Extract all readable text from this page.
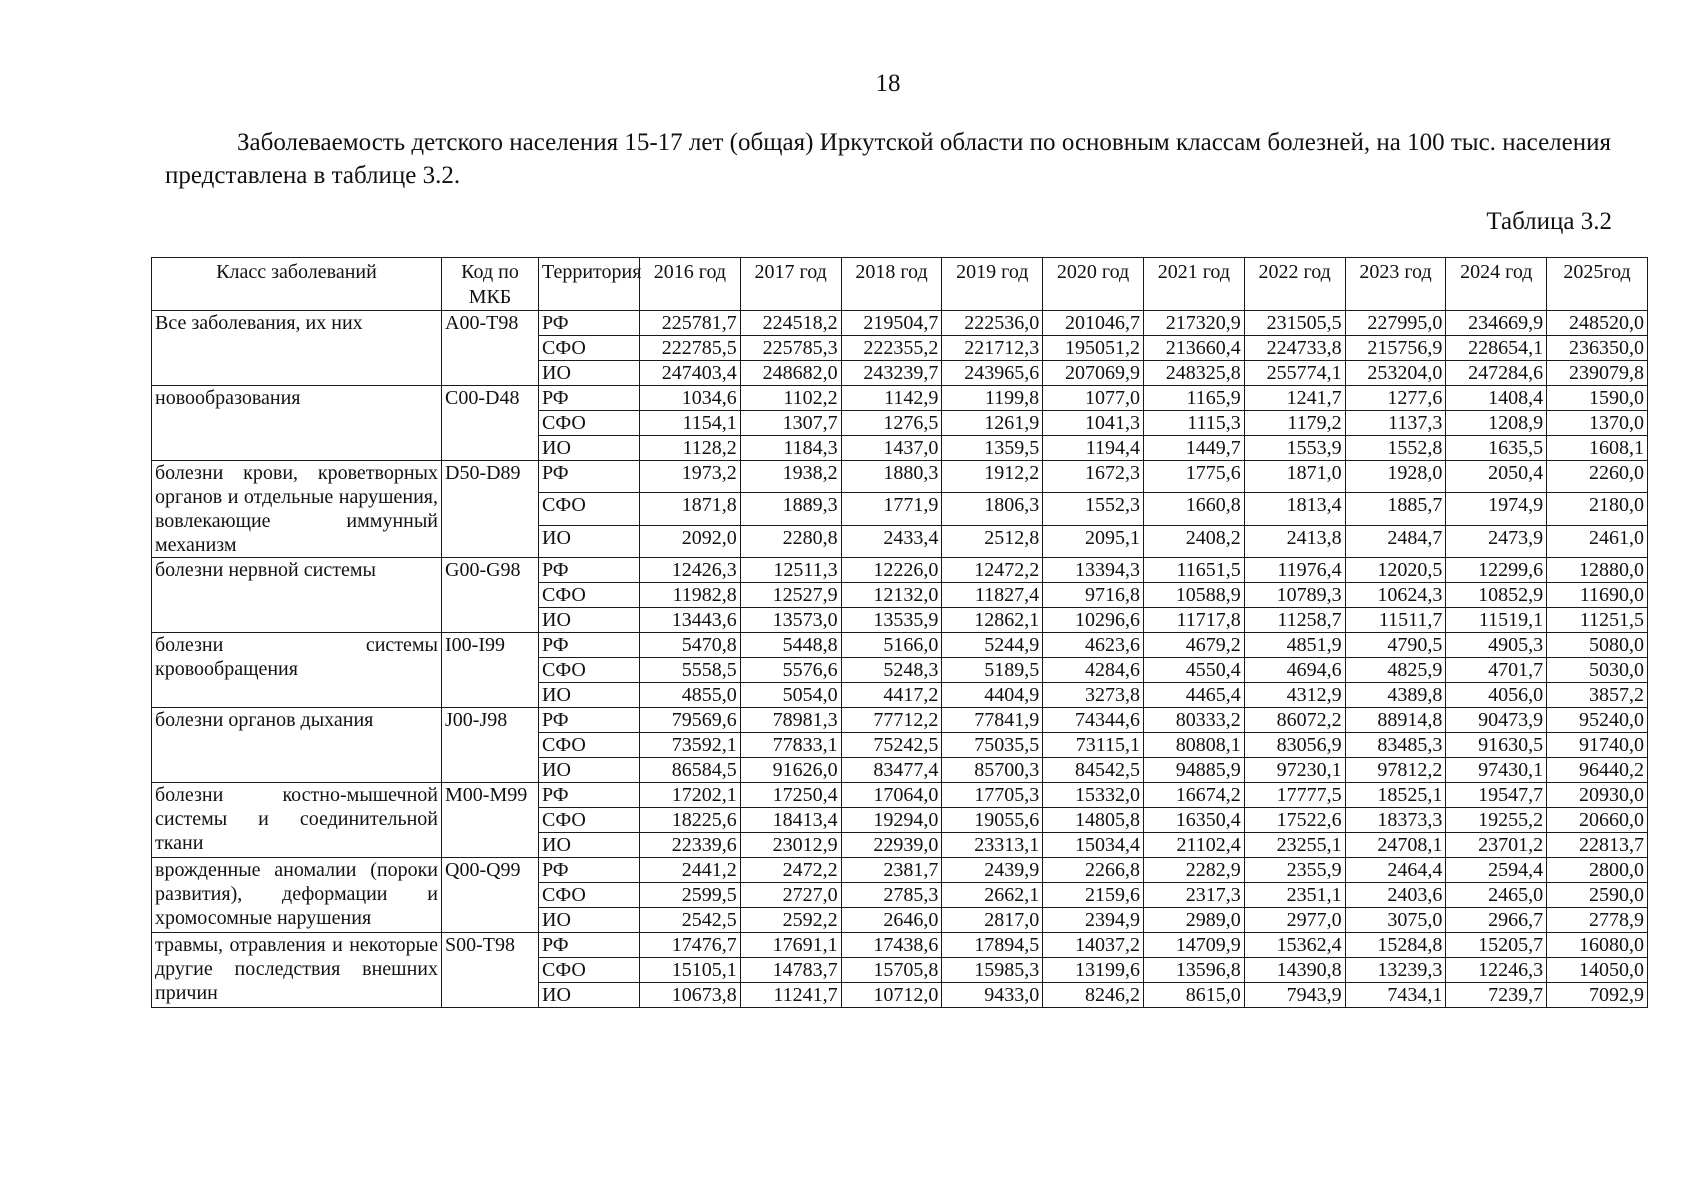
18

Заболеваемость детского населения 15-17 лет (общая) Иркутской области по основным классам болезней, на 100 тыс. населения представлена в таблице 3.2.

Таблица 3.2
Класс заболеваний	Код по МКБ	Территория	2016 год	2017 год	2018 год	2019 год	2020 год	2021 год	2022 год	2023 год	2024 год	2025год
Все заболевания, их них	A00-T98	РФ	225781,7	224518,2	219504,7	222536,0	201046,7	217320,9	231505,5	227995,0	234669,9	248520,0
		СФО	222785,5	225785,3	222355,2	221712,3	195051,2	213660,4	224733,8	215756,9	228654,1	236350,0
		ИО	247403,4	248682,0	243239,7	243965,6	207069,9	248325,8	255774,1	253204,0	247284,6	239079,8
новообразования	C00-D48	РФ	1034,6	1102,2	1142,9	1199,8	1077,0	1165,9	1241,7	1277,6	1408,4	1590,0
		СФО	1154,1	1307,7	1276,5	1261,9	1041,3	1115,3	1179,2	1137,3	1208,9	1370,0
		ИО	1128,2	1184,3	1437,0	1359,5	1194,4	1449,7	1553,9	1552,8	1635,5	1608,1
болезни крови, кроветворных органов и отдельные нарушения, вовлекающие иммунный механизм	D50-D89	РФ	1973,2	1938,2	1880,3	1912,2	1672,3	1775,6	1871,0	1928,0	2050,4	2260,0
		СФО	1871,8	1889,3	1771,9	1806,3	1552,3	1660,8	1813,4	1885,7	1974,9	2180,0
		ИО	2092,0	2280,8	2433,4	2512,8	2095,1	2408,2	2413,8	2484,7	2473,9	2461,0
болезни нервной системы	G00-G98	РФ	12426,3	12511,3	12226,0	12472,2	13394,3	11651,5	11976,4	12020,5	12299,6	12880,0
		СФО	11982,8	12527,9	12132,0	11827,4	9716,8	10588,9	10789,3	10624,3	10852,9	11690,0
		ИО	13443,6	13573,0	13535,9	12862,1	10296,6	11717,8	11258,7	11511,7	11519,1	11251,5
болезни системы кровообращения	I00-I99	РФ	5470,8	5448,8	5166,0	5244,9	4623,6	4679,2	4851,9	4790,5	4905,3	5080,0
		СФО	5558,5	5576,6	5248,3	5189,5	4284,6	4550,4	4694,6	4825,9	4701,7	5030,0
		ИО	4855,0	5054,0	4417,2	4404,9	3273,8	4465,4	4312,9	4389,8	4056,0	3857,2
болезни органов дыхания	J00-J98	РФ	79569,6	78981,3	77712,2	77841,9	74344,6	80333,2	86072,2	88914,8	90473,9	95240,0
		СФО	73592,1	77833,1	75242,5	75035,5	73115,1	80808,1	83056,9	83485,3	91630,5	91740,0
		ИО	86584,5	91626,0	83477,4	85700,3	84542,5	94885,9	97230,1	97812,2	97430,1	96440,2
болезни костно-мышечной системы и соединительной ткани	M00-M99	РФ	17202,1	17250,4	17064,0	17705,3	15332,0	16674,2	17777,5	18525,1	19547,7	20930,0
		СФО	18225,6	18413,4	19294,0	19055,6	14805,8	16350,4	17522,6	18373,3	19255,2	20660,0
		ИО	22339,6	23012,9	22939,0	23313,1	15034,4	21102,4	23255,1	24708,1	23701,2	22813,7
врожденные аномалии (пороки развития), деформации и хромосомные нарушения	Q00-Q99	РФ	2441,2	2472,2	2381,7	2439,9	2266,8	2282,9	2355,9	2464,4	2594,4	2800,0
		СФО	2599,5	2727,0	2785,3	2662,1	2159,6	2317,3	2351,1	2403,6	2465,0	2590,0
		ИО	2542,5	2592,2	2646,0	2817,0	2394,9	2989,0	2977,0	3075,0	2966,7	2778,9
травмы, отравления и некоторые другие последствия внешних причин	S00-T98	РФ	17476,7	17691,1	17438,6	17894,5	14037,2	14709,9	15362,4	15284,8	15205,7	16080,0
		СФО	15105,1	14783,7	15705,8	15985,3	13199,6	13596,8	14390,8	13239,3	12246,3	14050,0
		ИО	10673,8	11241,7	10712,0	9433,0	8246,2	8615,0	7943,9	7434,1	7239,7	7092,9
